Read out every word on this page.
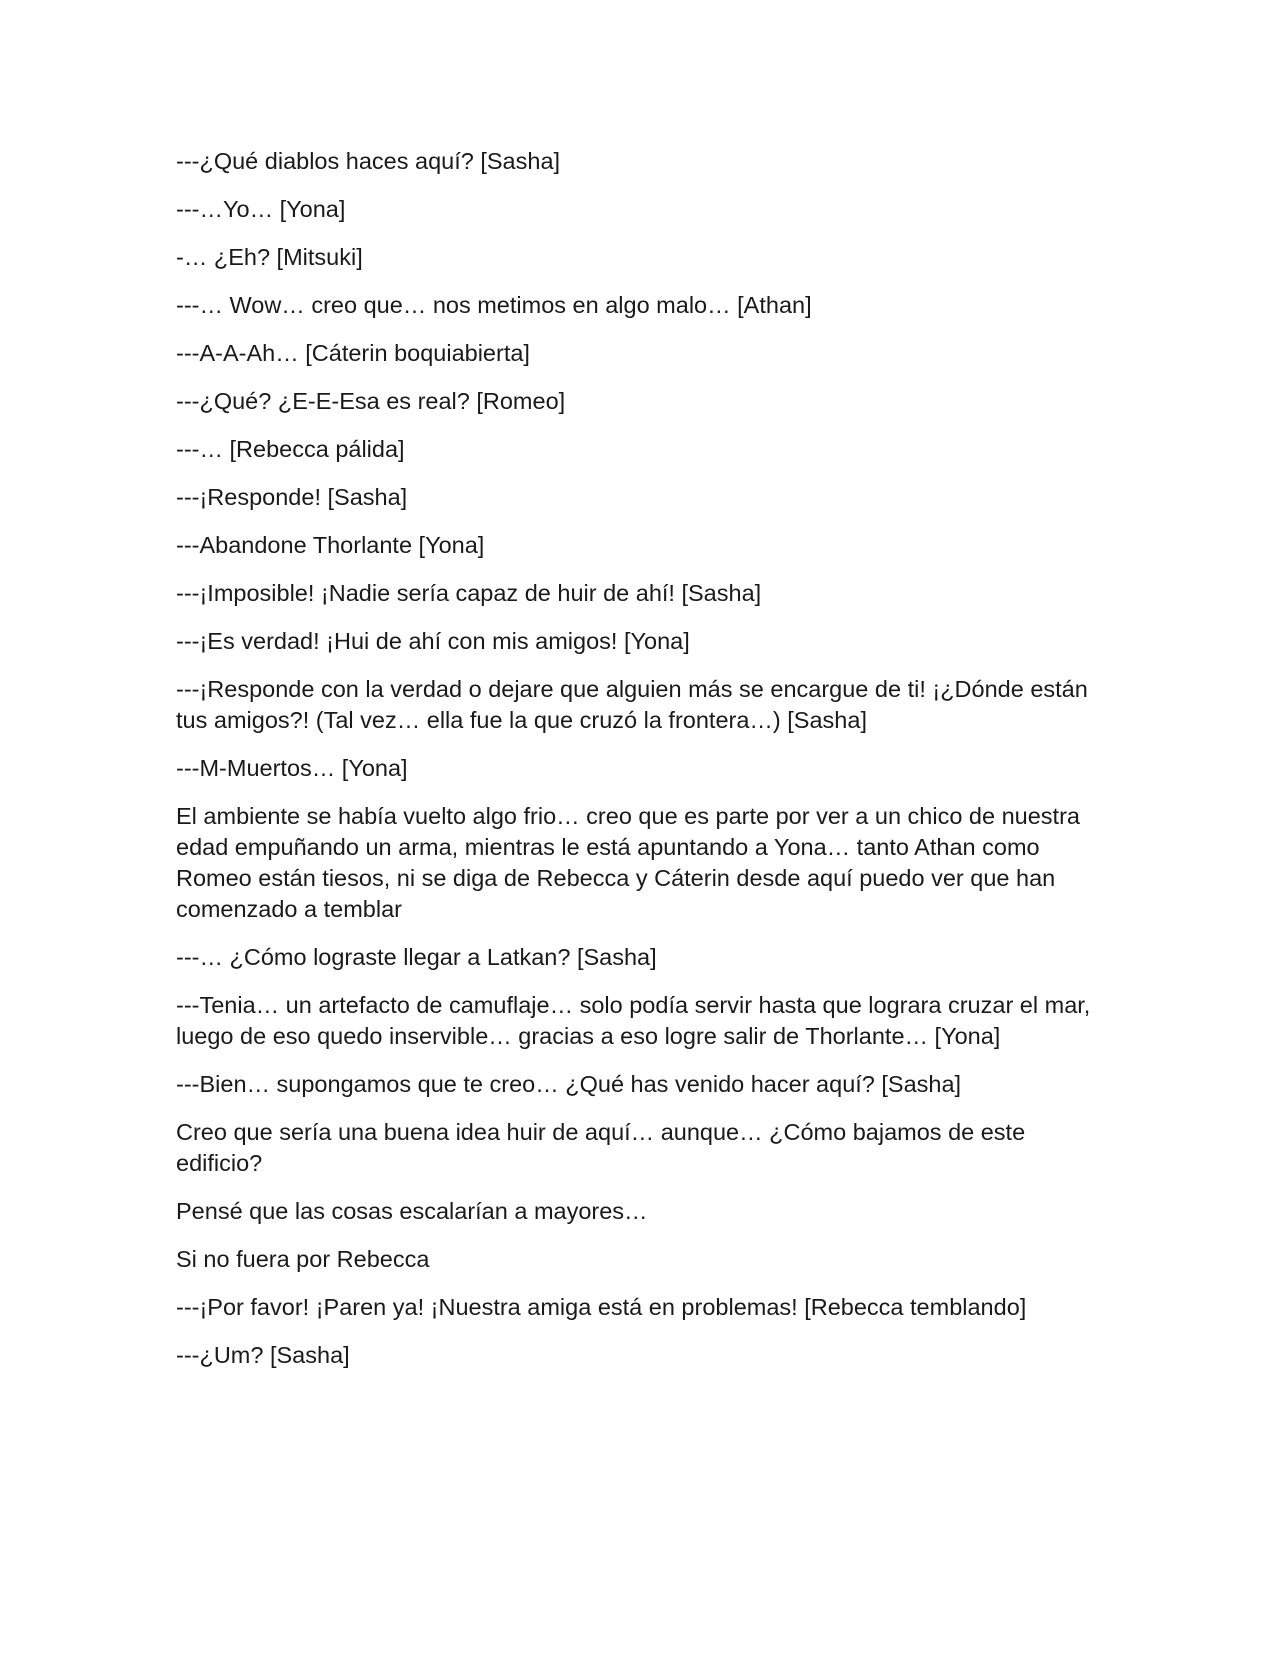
---¿Qué diablos haces aquí? [Sasha]

---…Yo… [Yona]

-… ¿Eh? [Mitsuki]

---… Wow… creo que… nos metimos en algo malo… [Athan]

---A-A-Ah… [Cáterin boquiabierta]

---¿Qué? ¿E-E-Esa es real? [Romeo]

---… [Rebecca pálida]

---¡Responde! [Sasha]

---Abandone Thorlante [Yona]

---¡Imposible! ¡Nadie sería capaz de huir de ahí! [Sasha]

---¡Es verdad! ¡Hui de ahí con mis amigos! [Yona]

---¡Responde con la verdad o dejare que alguien más se encargue de ti! ¡¿Dónde están tus amigos?! (Tal vez… ella fue la que cruzó la frontera…) [Sasha]

---M-Muertos… [Yona]

El ambiente se había vuelto algo frio… creo que es parte por ver a un chico de nuestra edad empuñando un arma, mientras le está apuntando a Yona… tanto Athan como Romeo están tiesos, ni se diga de Rebecca y Cáterin desde aquí puedo ver que han comenzado a temblar

---… ¿Cómo lograste llegar a Latkan? [Sasha]

---Tenia… un artefacto de camuflaje… solo podía servir hasta que lograra cruzar el mar, luego de eso quedo inservible… gracias a eso logre salir de Thorlante… [Yona]

---Bien… supongamos que te creo… ¿Qué has venido hacer aquí? [Sasha]

Creo que sería una buena idea huir de aquí… aunque… ¿Cómo bajamos de este edificio?

Pensé que las cosas escalarían a mayores…

Si no fuera por Rebecca

---¡Por favor! ¡Paren ya! ¡Nuestra amiga está en problemas! [Rebecca temblando]

---¿Um? [Sasha]
